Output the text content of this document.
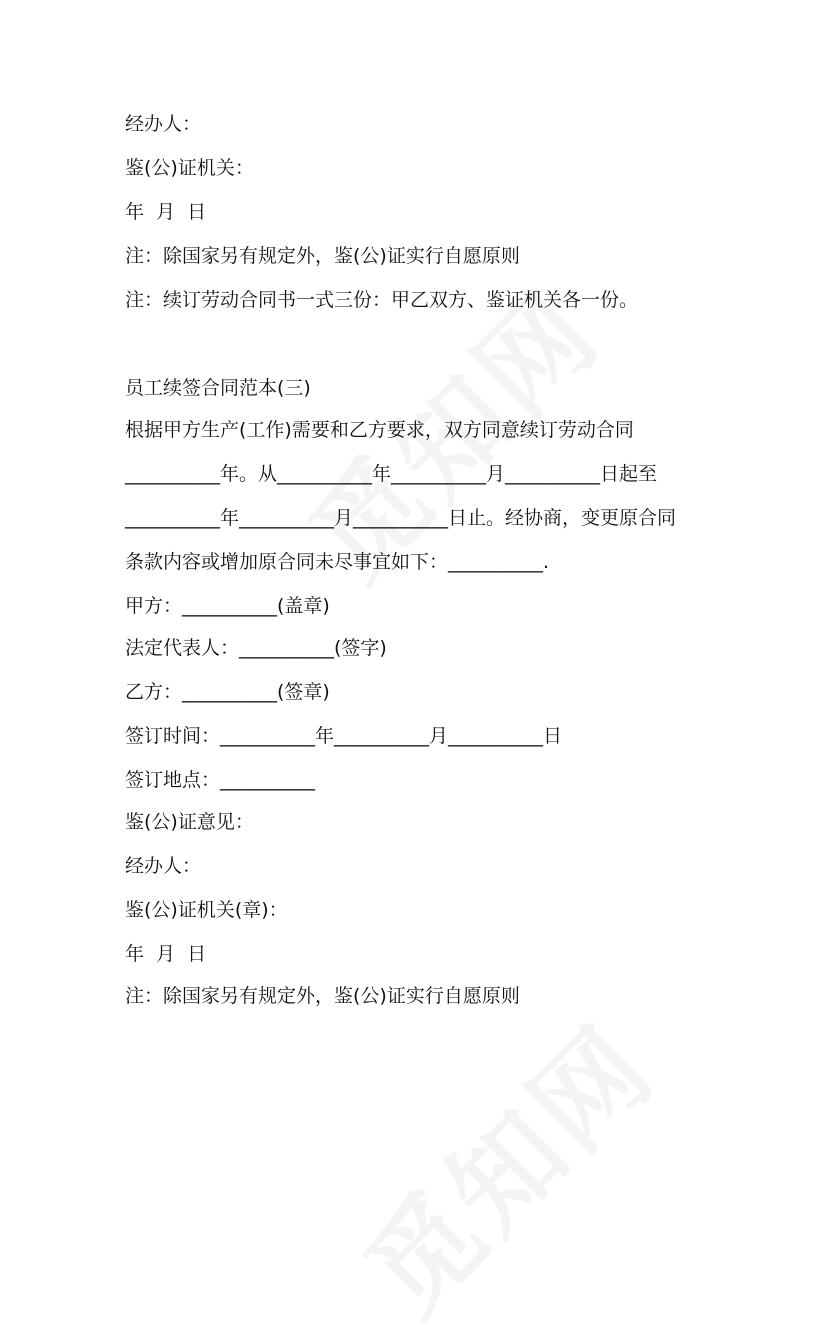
经办人：
鉴(公)证机关：
年  月  日
注：除国家另有规定外，鉴(公)证实行自愿原则
注：续订劳动合同书一式三份：甲乙双方、鉴证机关各一份。
员工续签合同范本(三)
根据甲方生产(工作)需要和乙方要求，双方同意续订劳动合同
__________年。从__________年__________月__________日起至
__________年__________月__________日止。经协商，变更原合同
条款内容或增加原合同未尽事宜如下：__________.
甲方：__________(盖章)
法定代表人：__________(签字)
乙方：__________(签章)
签订时间：__________年__________月__________日
签订地点：__________
鉴(公)证意见：
经办人：
鉴(公)证机关(章)：
年  月  日
注：除国家另有规定外，鉴(公)证实行自愿原则
